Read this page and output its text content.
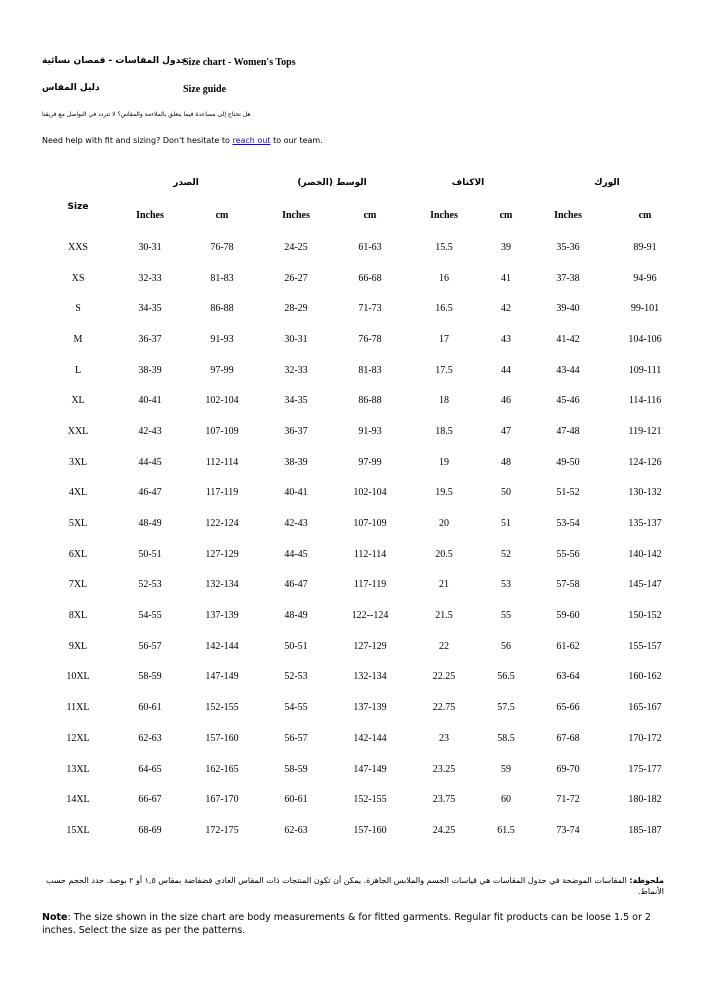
جدول المقاسات - قمصان نسائية
Size chart - Women's Tops
دليل المقاس	Size guide
هل تحتاج إلى مساعدة فيما يتعلق بالملاءمة والمقاس؟ لا تتردد في التواصل مع فريقنا
Need help with fit and sizing? Don't hesitate to reach out to our team.
Size	الصدر		الوسط (الخصر)		الاكتاف		الورك	
	Inches	cm	Inches	cm	Inches	cm	Inches	cm
XXS	30-31	76-78	24-25	61-63	15.5	39	35-36	89-91
XS	32-33	81-83	26-27	66-68	16	41	37-38	94-96
S	34-35	86-88	28-29	71-73	16.5	42	39-40	99-101
M	36-37	91-93	30-31	76-78	17	43	41-42	104-106
L	38-39	97-99	32-33	81-83	17.5	44	43-44	109-111
XL	40-41	102-104	34-35	86-88	18	46	45-46	114-116
XXL	42-43	107-109	36-37	91-93	18.5	47	47-48	119-121
3XL	44-45	112-114	38-39	97-99	19	48	49-50	124-126
4XL	46-47	117-119	40-41	102-104	19.5	50	51-52	130-132
5XL	48-49	122-124	42-43	107-109	20	51	53-54	135-137
6XL	50-51	127-129	44-45	112-114	20.5	52	55-56	140-142
7XL	52-53	132-134	46-47	117-119	21	53	57-58	145-147
8XL	54-55	137-139	48-49	122--124	21.5	55	59-60	150-152
9XL	56-57	142-144	50-51	127-129	22	56	61-62	155-157
10XL	58-59	147-149	52-53	132-134	22.25	56.5	63-64	160-162
11XL	60-61	152-155	54-55	137-139	22.75	57.5	65-66	165-167
12XL	62-63	157-160	56-57	142-144	23	58.5	67-68	170-172
13XL	64-65	162-165	58-59	147-149	23.25	59	69-70	175-177
14XL	66-67	167-170	60-61	152-155	23.75	60	71-72	180-182
15XL	68-69	172-175	62-63	157-160	24.25	61.5	73-74	185-187
ملحوظة: المقاسات الموضحة في جدول المقاسات هي قياسات الجسم والملابس الجاهزة. يمكن أن تكون المنتجات ذات المقاس العادي فضفاضة بمقاس ١,٥ أو ٢ بوصة. حدد الحجم حسب الأنماط.
Note: The size shown in the size chart are body measurements & for fitted garments. Regular fit products can be loose 1.5 or 2 inches. Select the size as per the patterns.
